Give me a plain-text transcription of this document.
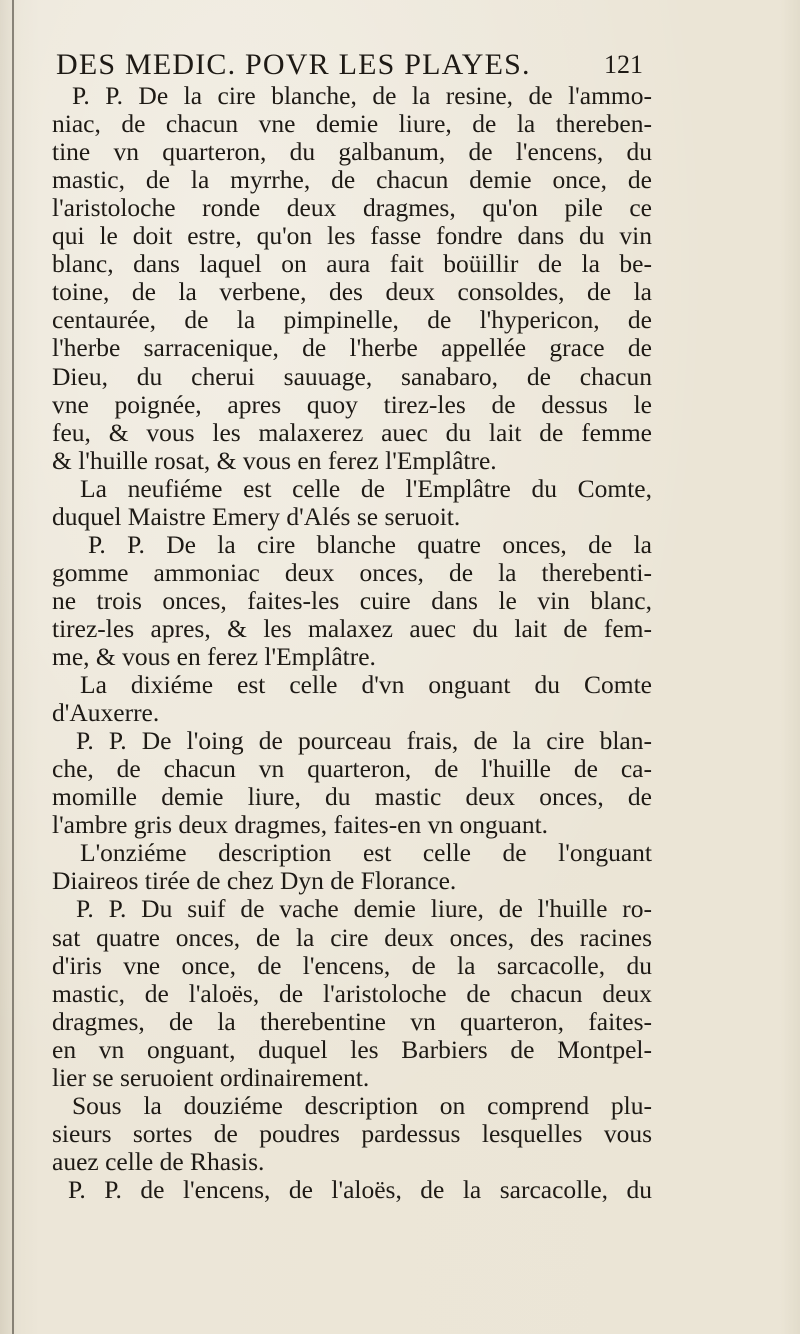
DES MEDIC. POVR LES PLAYES.	121
P. P. De la cire blanche, de la resine, de l'ammo-
niac, de chacun vne demie liure, de la thereben-
tine vn quarteron, du galbanum, de l'encens, du
mastic, de la myrrhe, de chacun demie once, de
l'aristoloche ronde deux dragmes, qu'on pile ce
qui le doit estre, qu'on les fasse fondre dans du vin
blanc, dans laquel on aura fait boüillir de la be-
toine, de la verbene, des deux consoldes, de la
centaurée, de la pimpinelle, de l'hypericon, de
l'herbe sarracenique, de l'herbe appellée grace de
Dieu, du cherui sauuage, sanabaro, de chacun
vne poignée, apres quoy tirez-les de dessus le
feu, & vous les malaxerez auec du lait de femme
& l'huille rosat, & vous en ferez l'Emplâtre.
La neufiéme est celle de l'Emplâtre du Comte,
duquel Maistre Emery d'Alés se seruoit.
P. P. De la cire blanche quatre onces, de la
gomme ammoniac deux onces, de la therebenti-
ne trois onces, faites-les cuire dans le vin blanc,
tirez-les apres, & les malaxez auec du lait de fem-
me, & vous en ferez l'Emplâtre.
La dixiéme est celle d'vn onguant du Comte
d'Auxerre.
P. P. De l'oing de pourceau frais, de la cire blan-
che, de chacun vn quarteron, de l'huille de ca-
momille demie liure, du mastic deux onces, de
l'ambre gris deux dragmes, faites-en vn onguant.
L'onziéme description est celle de l'onguant
Diaireos tirée de chez Dyn de Florance.
P. P. Du suif de vache demie liure, de l'huille ro-
sat quatre onces, de la cire deux onces, des racines
d'iris vne once, de l'encens, de la sarcacolle, du
mastic, de l'aloës, de l'aristoloche de chacun deux
dragmes, de la therebentine vn quarteron, faites-
en vn onguant, duquel les Barbiers de Montpel-
lier se seruoient ordinairement.
Sous la douziéme description on comprend plu-
sieurs sortes de poudres pardessus lesquelles vous
auez celle de Rhasis.
P. P. de l'encens, de l'aloës, de la sarcacolle, du
